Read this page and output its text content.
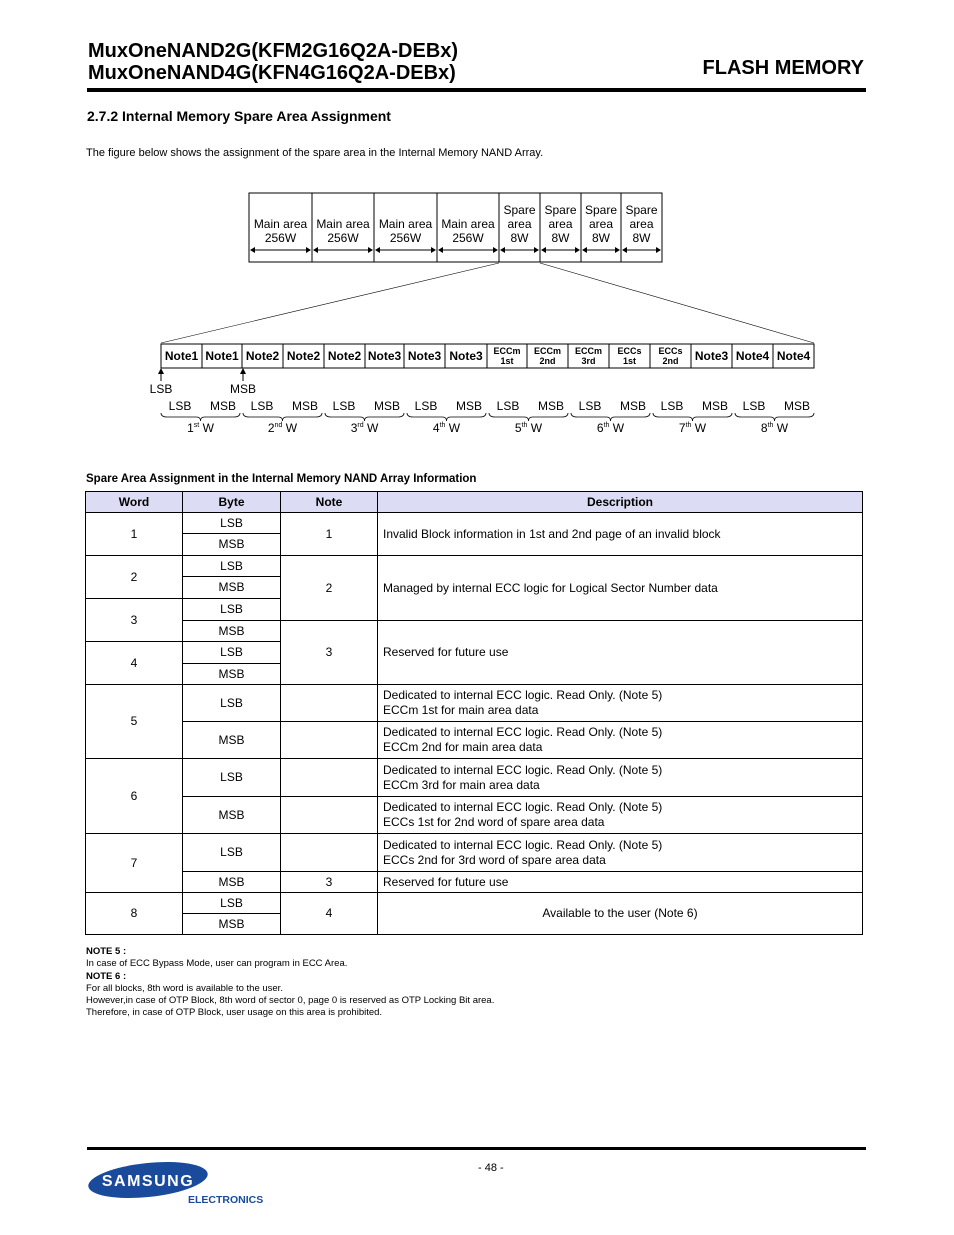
MuxOneNAND2G(KFM2G16Q2A-DEBx)
MuxOneNAND4G(KFN4G16Q2A-DEBx)	FLASH MEMORY
2.7.2 Internal Memory Spare Area Assignment
The figure below shows the assignment of the spare area in the Internal Memory NAND Array.
Main area
256W
Main area
256W
Main area
256W
Main area
256W
Spare
area
8W
Spare
area
8W
Spare
area
8W
Spare
area
8W
Note1 Note1 Note2 Note2 Note2 Note3 Note3 Note3 ECCm
1st
ECCm
2nd
ECCm
3rd
ECCs
1st
ECCs
2nd Note3 Note4 Note4
LSB	MSB
LSB MSB LSB MSB LSB MSB LSB MSB LSB MSB LSB MSB LSB MSB LSB MSB
1st W	2nd W	3rd W	4th W	5th W	6th W	7th W	8th W
Spare Area Assignment in the Internal Memory NAND Array Information
Word	Byte	Note	Description
1	LSB	1	Invalid Block information in 1st and 2nd page of an invalid block
	MSB		
2	LSB	2	Managed by internal ECC logic for Logical Sector Number data
	MSB		
3	LSB		
	MSB	3	Reserved for future use
4	LSB		
	MSB		
5	LSB		Dedicated to internal ECC logic. Read Only. (Note 5)
ECCm 1st for main area data
	MSB		Dedicated to internal ECC logic. Read Only. (Note 5)
ECCm 2nd for main area data
6	LSB		Dedicated to internal ECC logic. Read Only. (Note 5)
ECCm 3rd for main area data
	MSB		Dedicated to internal ECC logic. Read Only. (Note 5)
ECCs 1st for 2nd word of spare area data
7	LSB		Dedicated to internal ECC logic. Read Only. (Note 5)
ECCs 2nd for 3rd word of spare area data
	MSB	3	Reserved for future use
8	LSB	4	Available to the user (Note 6)
	MSB		
NOTE 5 :
In case of ECC Bypass Mode, user can program in ECC Area.
NOTE 6 :
For all blocks, 8th word is available to the user.
However,in case of OTP Block, 8th word of sector 0, page 0 is reserved as OTP Locking Bit area.
Therefore, in case of OTP Block, user usage on this area is prohibited.
- 48 -
SAMSUNG
ELECTRONICS
